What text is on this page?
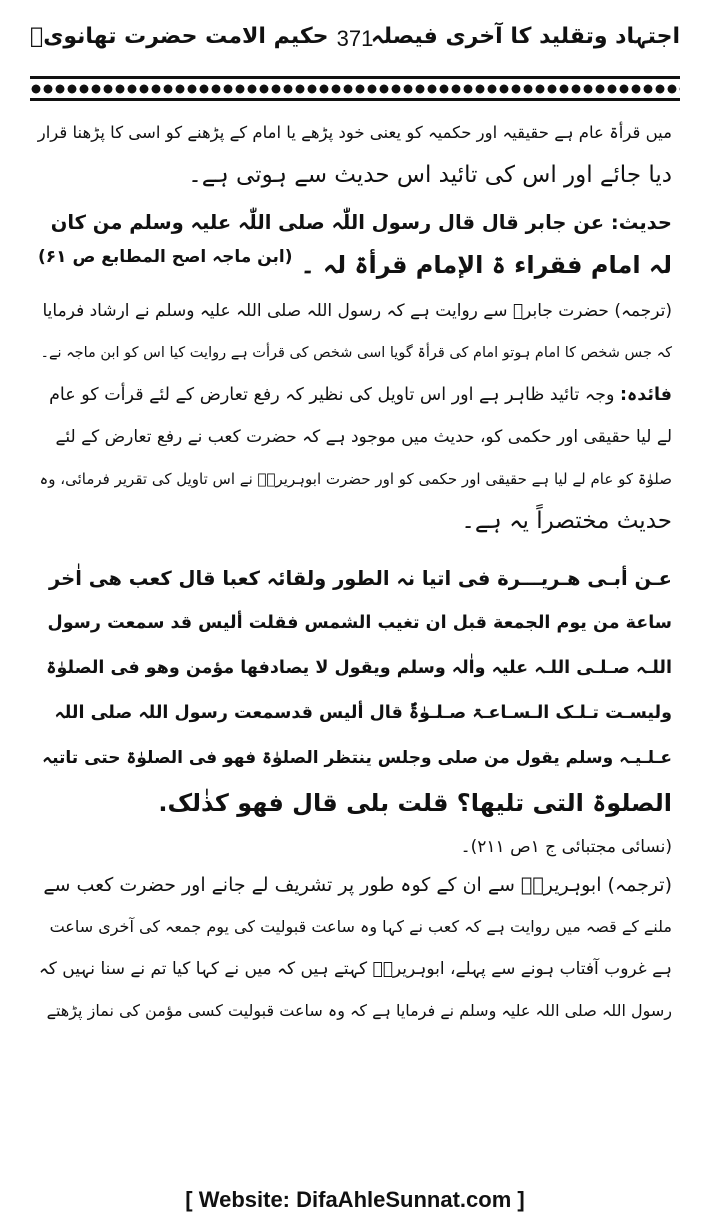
اجتہاد وتقلید کا آخری فیصلہ
371
حکیم الامت حضرت تھانویؒ
میں قرأۃ عام ہے حقیقیہ اور حکمیہ کو یعنی خود پڑھے یا امام کے پڑھنے کو اسی کا پڑھنا قرار
دیا جائے اور اس کی تائید اس حدیث سے ہوتی ہے۔
حدیث: عن جابر قال قال رسول اللّٰہ صلی اللّٰہ علیہ وسلم من کان
لہ امام فقراء ۃ الإمام قرأۃ لہ ۔
(ابن ماجہ اصح المطابع ص ۶۱)
(ترجمہ) حضرت جابرؓ سے روایت ہے کہ رسول اللہ صلی اللہ علیہ وسلم نے ارشاد فرمایا
کہ جس شخص کا امام ہوتو امام کی قرأۃ گویا اسی شخص کی قرأت ہے روایت کیا اس کو ابن ماجہ نے۔
فائدہ: وجہ تائید ظاہر ہے اور اس تاویل کی نظیر کہ رفع تعارض کے لئے قرأت کو عام
لے لیا حقیقی اور حکمی کو، حدیث میں موجود ہے کہ حضرت کعب نے رفع تعارض کے لئے
صلوٰۃ کو عام لے لیا ہے حقیقی اور حکمی کو اور حضرت ابوہریرہؓ نے اس تاویل کی تقریر فرمائی، وہ
حدیث مختصراً یہ ہے۔
عـن أبـی هـریـــرة فی اتیا نہ الطور ولقائہ کعبا قال کعب ھی اٰخر
ساعة من یوم الجمعة قبل ان تغیب الشمس فقلت ألیس قد سمعت رسول
اللـہ صـلـی اللـہ علیہ واٰلہ وسلم ویقول لا یصادفھا مؤمن وھو فی الصلوٰۃ
ولیسـت تـلـک الـسـاعـۃ صـلـوٰۃٌ قال ألیس قدسمعت رسول اللہ صلی اللہ
عـلـیـہ وسلم یقول من صلی وجلس ینتظر الصلوٰۃ فھو فی الصلوٰۃ حتی تاتیہ
الصلوۃ التی تلیھا؟ قلت بلی قال فھو کذٰلک.
(نسائی مجتبائی ج ۱ص ۲۱۱)۔
(ترجمہ) ابوہریرہؓ سے ان کے کوہ طور پر تشریف لے جانے اور حضرت کعب سے
ملنے کے قصہ میں روایت ہے کہ کعب نے کہا وہ ساعت قبولیت کی یوم جمعہ کی آخری ساعت
ہے غروب آفتاب ہونے سے پہلے، ابوہریرہؓ کہتے ہیں کہ میں نے کہا کیا تم نے سنا نہیں کہ
رسول اللہ صلی اللہ علیہ وسلم نے فرمایا ہے کہ وہ ساعت قبولیت کسی مؤمن کی نماز پڑھتے
[ Website: DifaAhleSunnat.com ]
